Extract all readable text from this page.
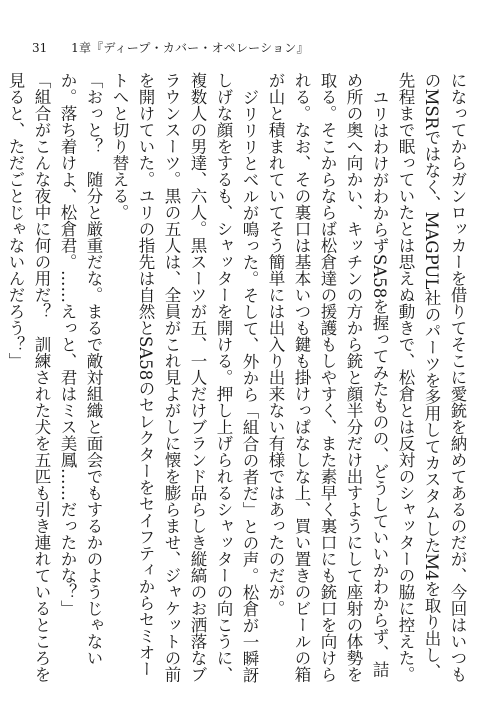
31 1章『ディープ・カバー・オペレーション』

になってからガンロッカーを借りてそこに愛銃を納めてあるのだが、今回はいつものMSRではなく、MAGPUL社のパーツを多用してカスタムしたM4を取り出し、先程まで眠っていたとは思えぬ動きで、松倉とは反対のシャッターの脇に控えた。

ユリはわけがわからずSA58を握ってみたものの、どうしていいかわからず、詰め所の奥へ向かい、キッチンの方から銃と顔半分だけ出すようにして座射の体勢を取る。そこからならば松倉達の援護もしやすく、また素早く裏口にも銃口を向けられる。なお、その裏口は基本いつも鍵も掛けっぱなしな上、買い置きのビールの箱が山と積まれていてそう簡単には出入り出来ない有様ではあったのだが。

ジリリリとベルが鳴った。そして、外から「組合の者だ」との声。松倉が一瞬訝しげな顔をするも、シャッターを開ける。押し上げられるシャッターの向こうに、複数人の男達、六人。黒スーツが五、一人だけブランド品らしき縦縞のお洒落なブラウンスーツ。黒の五人は、全員がこれ見よがしに懐を膨らませ、ジャケットの前を開けていた。ユリの指先は自然とSA58のセレクターをセイフティからセミオートへと切り替える。

「おっと？　随分と厳重だな。まるで敵対組織と面会でもするかのようじゃないか。落ち着けよ、松倉君。……えっと、君はミス美鳳……だったかな？」

「組合がこんな夜中に何の用だ？　訓練された犬を五匹も引き連れているところを見ると、ただごとじゃないんだろう？」
